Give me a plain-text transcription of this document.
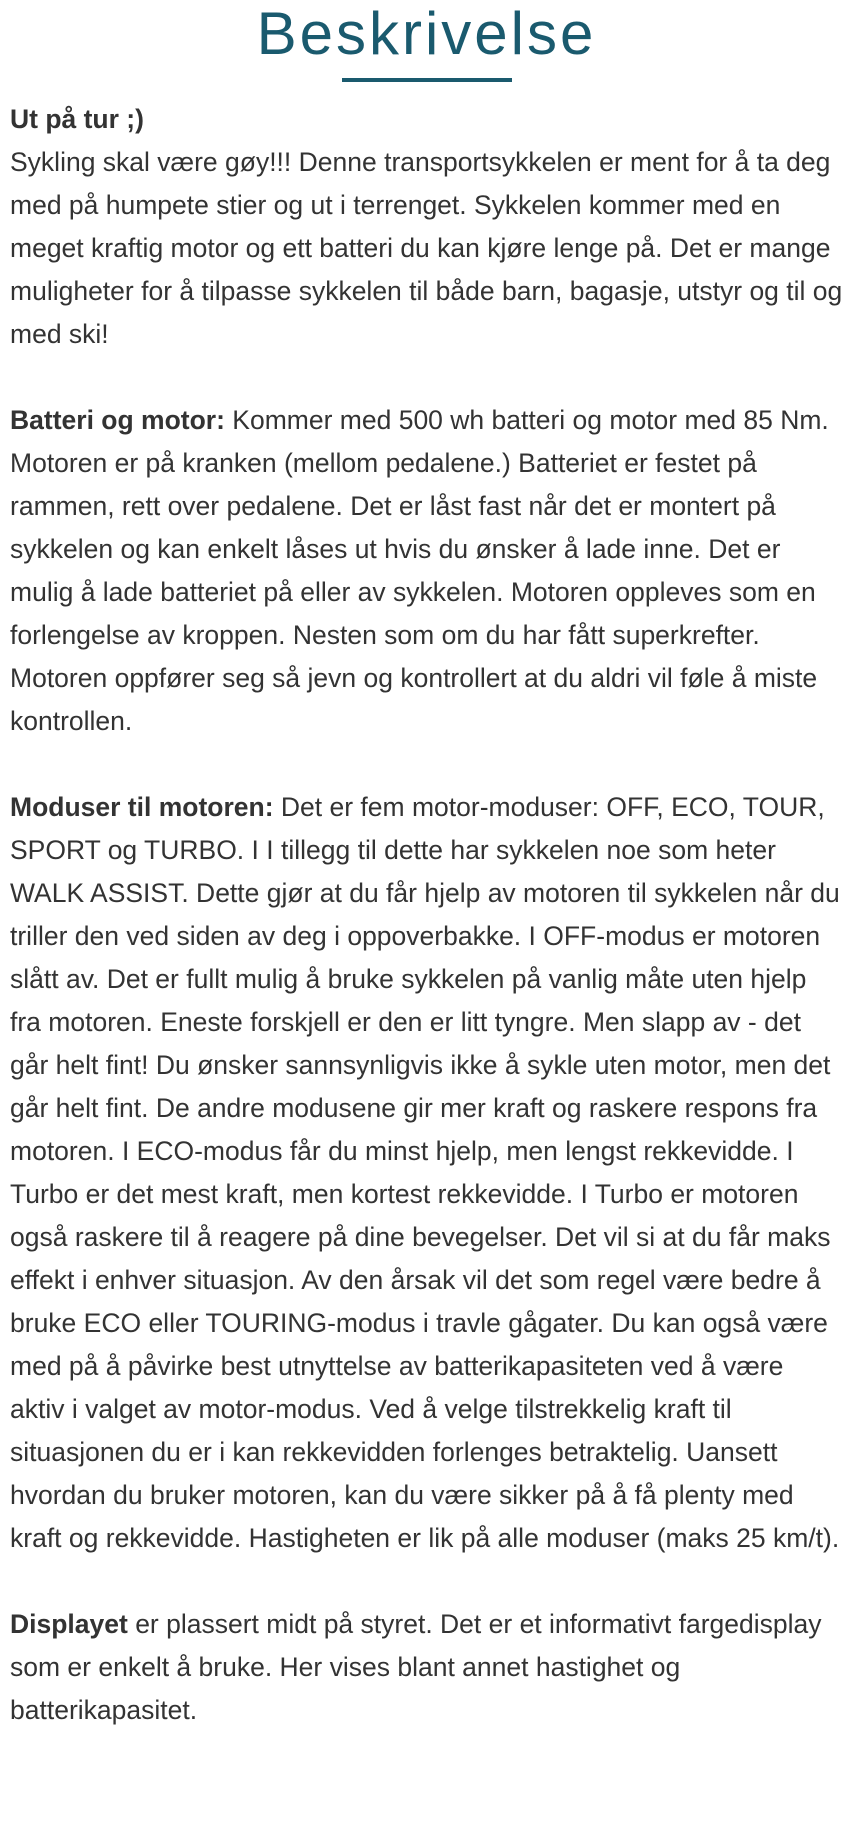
Beskrivelse

Ut på tur ;)
Sykling skal være gøy!!! Denne transportsykkelen er ment for å ta deg med på humpete stier og ut i terrenget. Sykkelen kommer med en meget kraftig motor og ett batteri du kan kjøre lenge på. Det er mange muligheter for å tilpasse sykkelen til både barn, bagasje, utstyr og til og med ski!

Batteri og motor: Kommer med 500 wh batteri og motor med 85 Nm. Motoren er på kranken (mellom pedalene.) Batteriet er festet på rammen, rett over pedalene. Det er låst fast når det er montert på sykkelen og kan enkelt låses ut hvis du ønsker å lade inne. Det er mulig å lade batteriet på eller av sykkelen. Motoren oppleves som en forlengelse av kroppen. Nesten som om du har fått superkrefter. Motoren oppfører seg så jevn og kontrollert at du aldri vil føle å miste kontrollen.

Moduser til motoren: Det er fem motor-moduser: OFF, ECO, TOUR, SPORT og TURBO. I I tillegg til dette har sykkelen noe som heter WALK ASSIST. Dette gjør at du får hjelp av motoren til sykkelen når du triller den ved siden av deg i oppoverbakke. I OFF-modus er motoren slått av. Det er fullt mulig å bruke sykkelen på vanlig måte uten hjelp fra motoren. Eneste forskjell er den er litt tyngre. Men slapp av - det går helt fint! Du ønsker sannsynligvis ikke å sykle uten motor, men det går helt fint. De andre modusene gir mer kraft og raskere respons fra motoren. I ECO-modus får du minst hjelp, men lengst rekkevidde. I Turbo er det mest kraft, men kortest rekkevidde. I Turbo er motoren også raskere til å reagere på dine bevegelser. Det vil si at du får maks effekt i enhver situasjon. Av den årsak vil det som regel være bedre å bruke ECO eller TOURING-modus i travle gågater. Du kan også være med på å påvirke best utnyttelse av batterikapasiteten ved å være aktiv i valget av motor-modus. Ved å velge tilstrekkelig kraft til situasjonen du er i kan rekkevidden forlenges betraktelig. Uansett hvordan du bruker motoren, kan du være sikker på å få plenty med kraft og rekkevidde. Hastigheten er lik på alle moduser (maks 25 km/t).

Displayet er plassert midt på styret. Det er et informativt fargedisplay som er enkelt å bruke. Her vises blant annet hastighet og batterikapasitet.
